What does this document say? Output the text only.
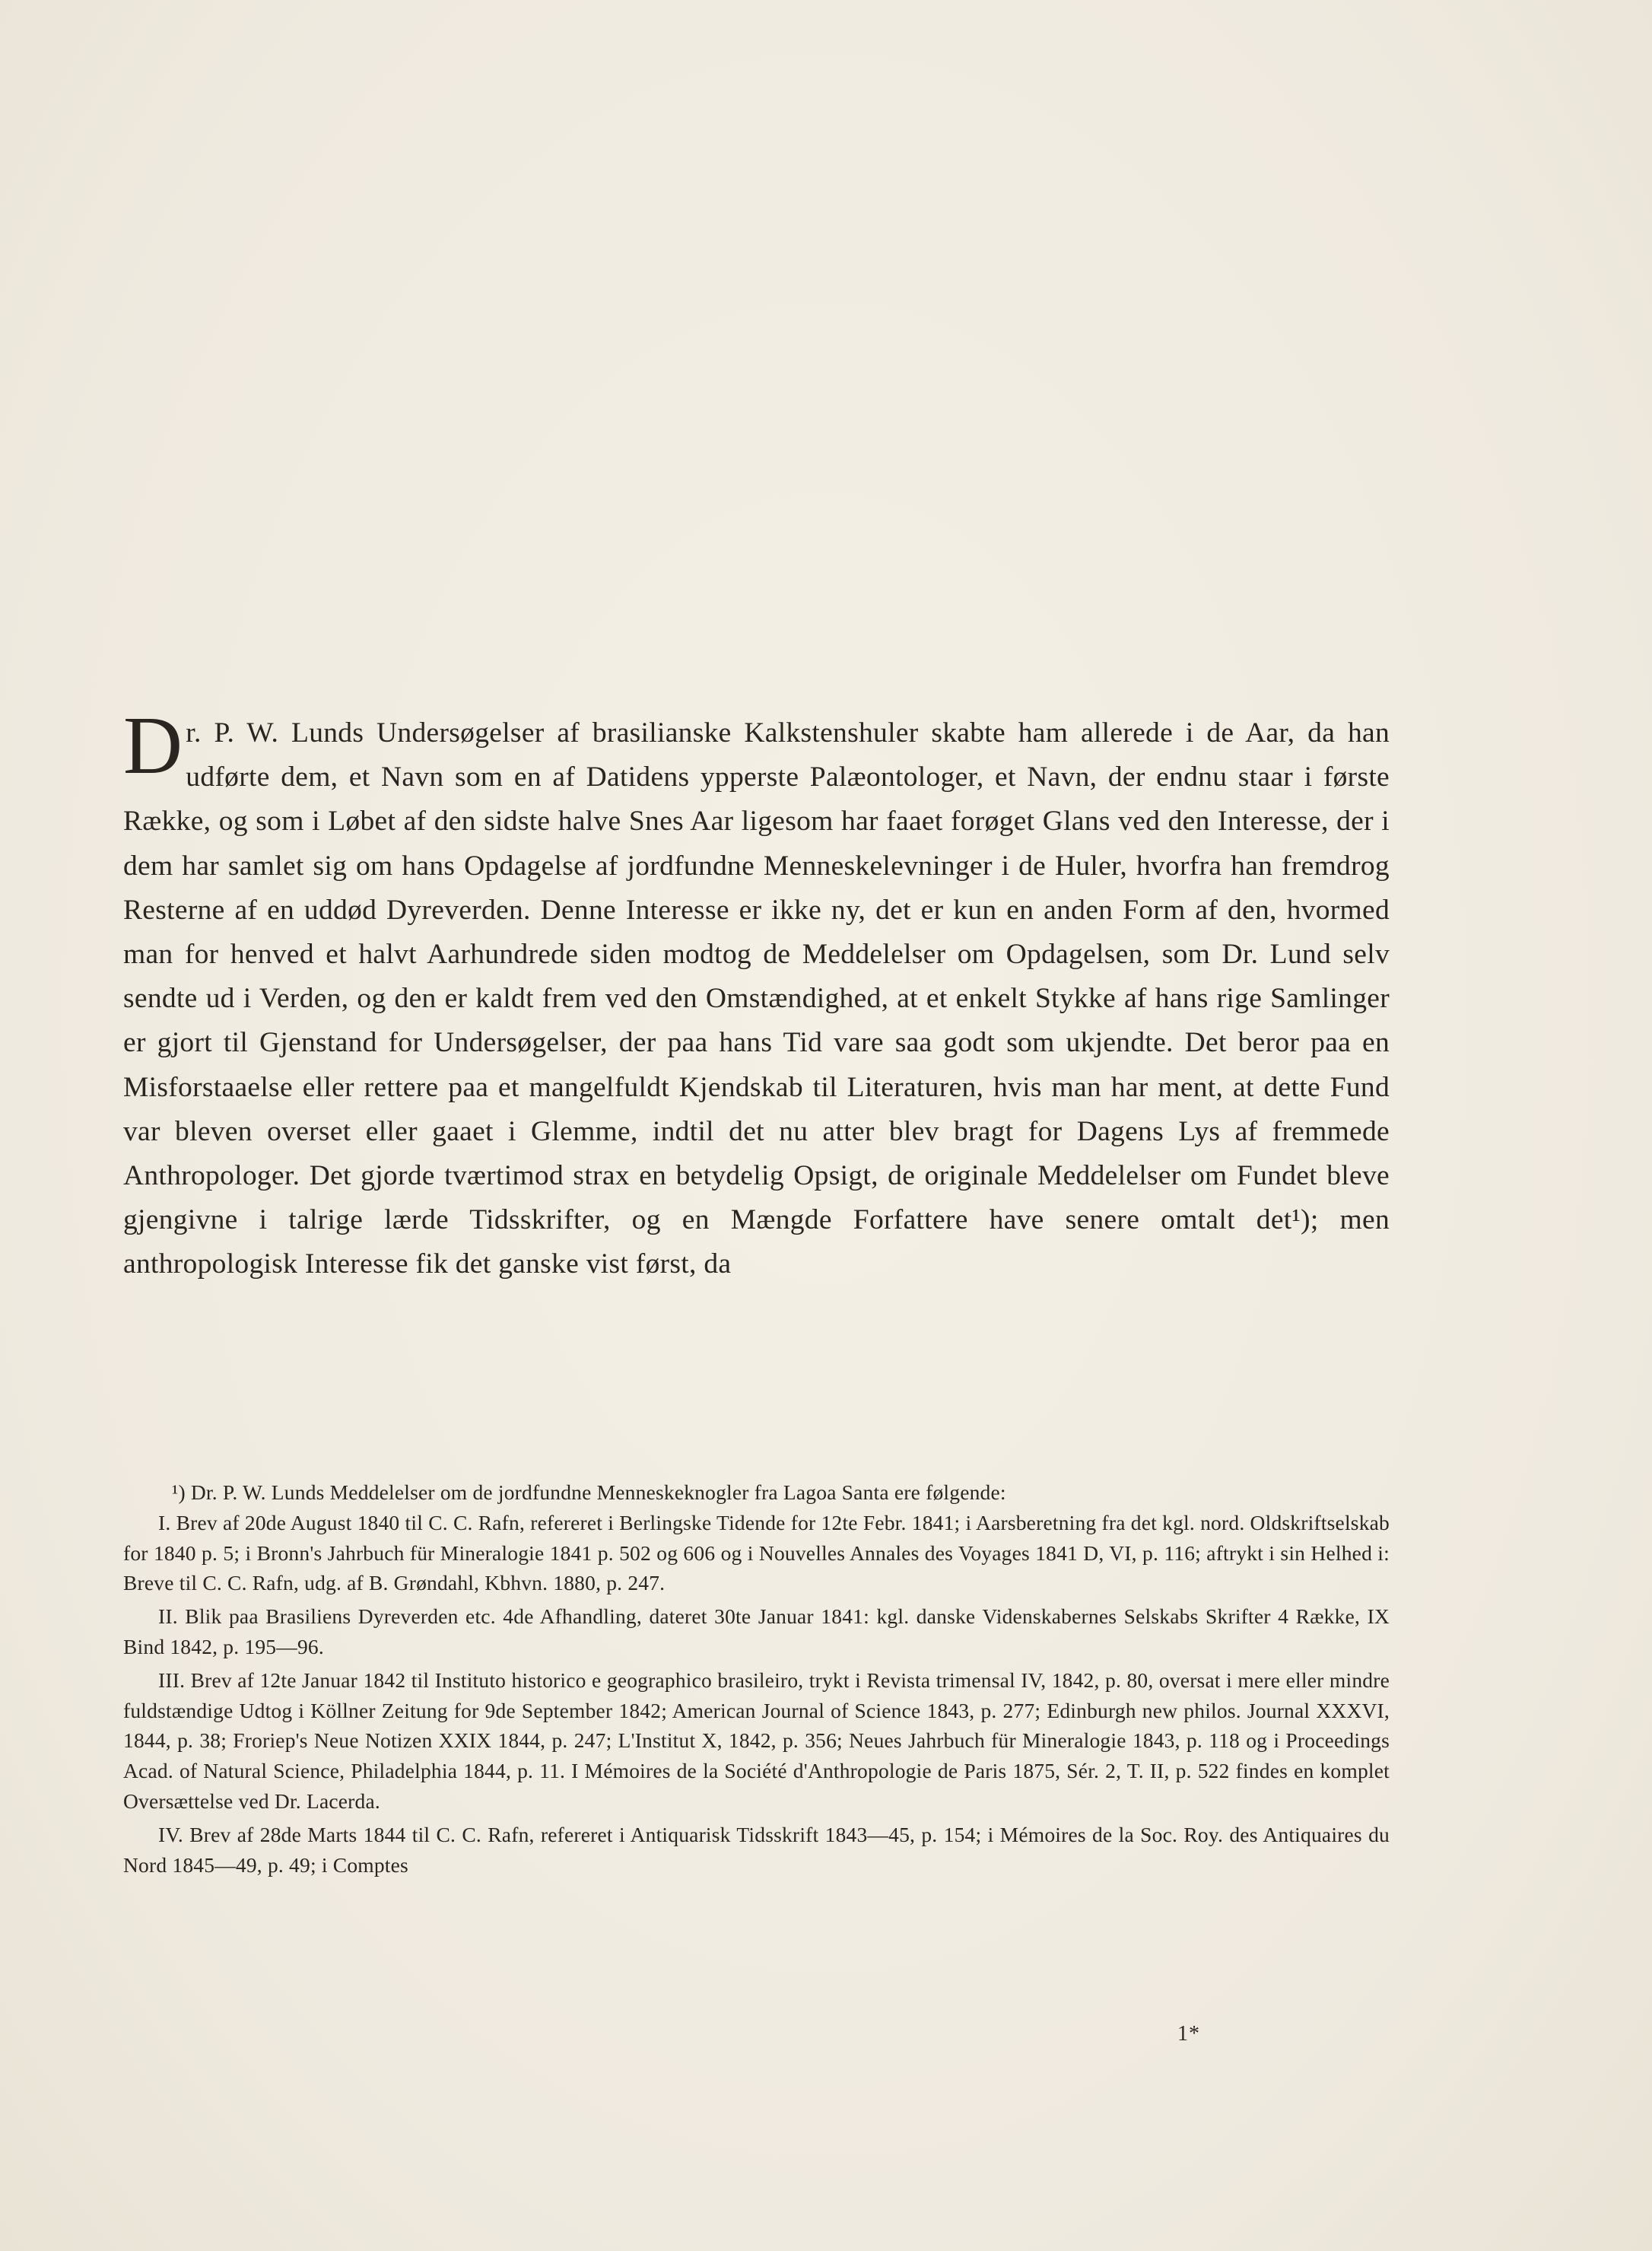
Dr. P. W. Lunds Undersøgelser af brasilianske Kalkstenshuler skabte ham allerede i de Aar, da han udførte dem, et Navn som en af Datidens ypperste Palæontologer, et Navn, der endnu staar i første Række, og som i Løbet af den sidste halve Snes Aar ligesom har faaet forøget Glans ved den Interesse, der i dem har samlet sig om hans Opdagelse af jordfundne Menneskelevninger i de Huler, hvorfra han fremdrog Resterne af en uddød Dyreverden. Denne Interesse er ikke ny, det er kun en anden Form af den, hvormed man for henved et halvt Aarhundrede siden modtog de Meddelelser om Opdagelsen, som Dr. Lund selv sendte ud i Verden, og den er kaldt frem ved den Omstændighed, at et enkelt Stykke af hans rige Samlinger er gjort til Gjenstand for Undersøgelser, der paa hans Tid vare saa godt som ukjendte. Det beror paa en Misforstaaelse eller rettere paa et mangelfuldt Kjendskab til Literaturen, hvis man har ment, at dette Fund var bleven overset eller gaaet i Glemme, indtil det nu atter blev bragt for Dagens Lys af fremmede Anthropologer. Det gjorde tværtimod strax en betydelig Opsigt, de originale Meddelelser om Fundet bleve gjengivne i talrige lærde Tidsskrifter, og en Mængde Forfattere have senere omtalt det¹); men anthropologisk Interesse fik det ganske vist først, da

¹) Dr. P. W. Lunds Meddelelser om de jordfundne Menneskeknogler fra Lagoa Santa ere følgende:

I. Brev af 20de August 1840 til C. C. Rafn, refereret i Berlingske Tidende for 12te Febr. 1841; i Aarsberetning fra det kgl. nord. Oldskriftselskab for 1840 p. 5; i Bronn's Jahrbuch für Mineralogie 1841 p. 502 og 606 og i Nouvelles Annales des Voyages 1841 D, VI, p. 116; aftrykt i sin Helhed i: Breve til C. C. Rafn, udg. af B. Grøndahl, Kbhvn. 1880, p. 247.

II. Blik paa Brasiliens Dyreverden etc. 4de Afhandling, dateret 30te Januar 1841: kgl. danske Videnskabernes Selskabs Skrifter 4 Række, IX Bind 1842, p. 195—96.

III. Brev af 12te Januar 1842 til Instituto historico e geographico brasileiro, trykt i Revista trimensal IV, 1842, p. 80, oversat i mere eller mindre fuldstændige Udtog i Köllner Zeitung for 9de September 1842; American Journal of Science 1843, p. 277; Edinburgh new philos. Journal XXXVI, 1844, p. 38; Froriep's Neue Notizen XXIX 1844, p. 247; L'Institut X, 1842, p. 356; Neues Jahrbuch für Mineralogie 1843, p. 118 og i Proceedings Acad. of Natural Science, Philadelphia 1844, p. 11. I Mémoires de la Société d'Anthropologie de Paris 1875, Sér. 2, T. II, p. 522 findes en komplet Oversættelse ved Dr. Lacerda.

IV. Brev af 28de Marts 1844 til C. C. Rafn, refereret i Antiquarisk Tidsskrift 1843—45, p. 154; i Mémoires de la Soc. Roy. des Antiquaires du Nord 1845—49, p. 49; i Comptes

1*
